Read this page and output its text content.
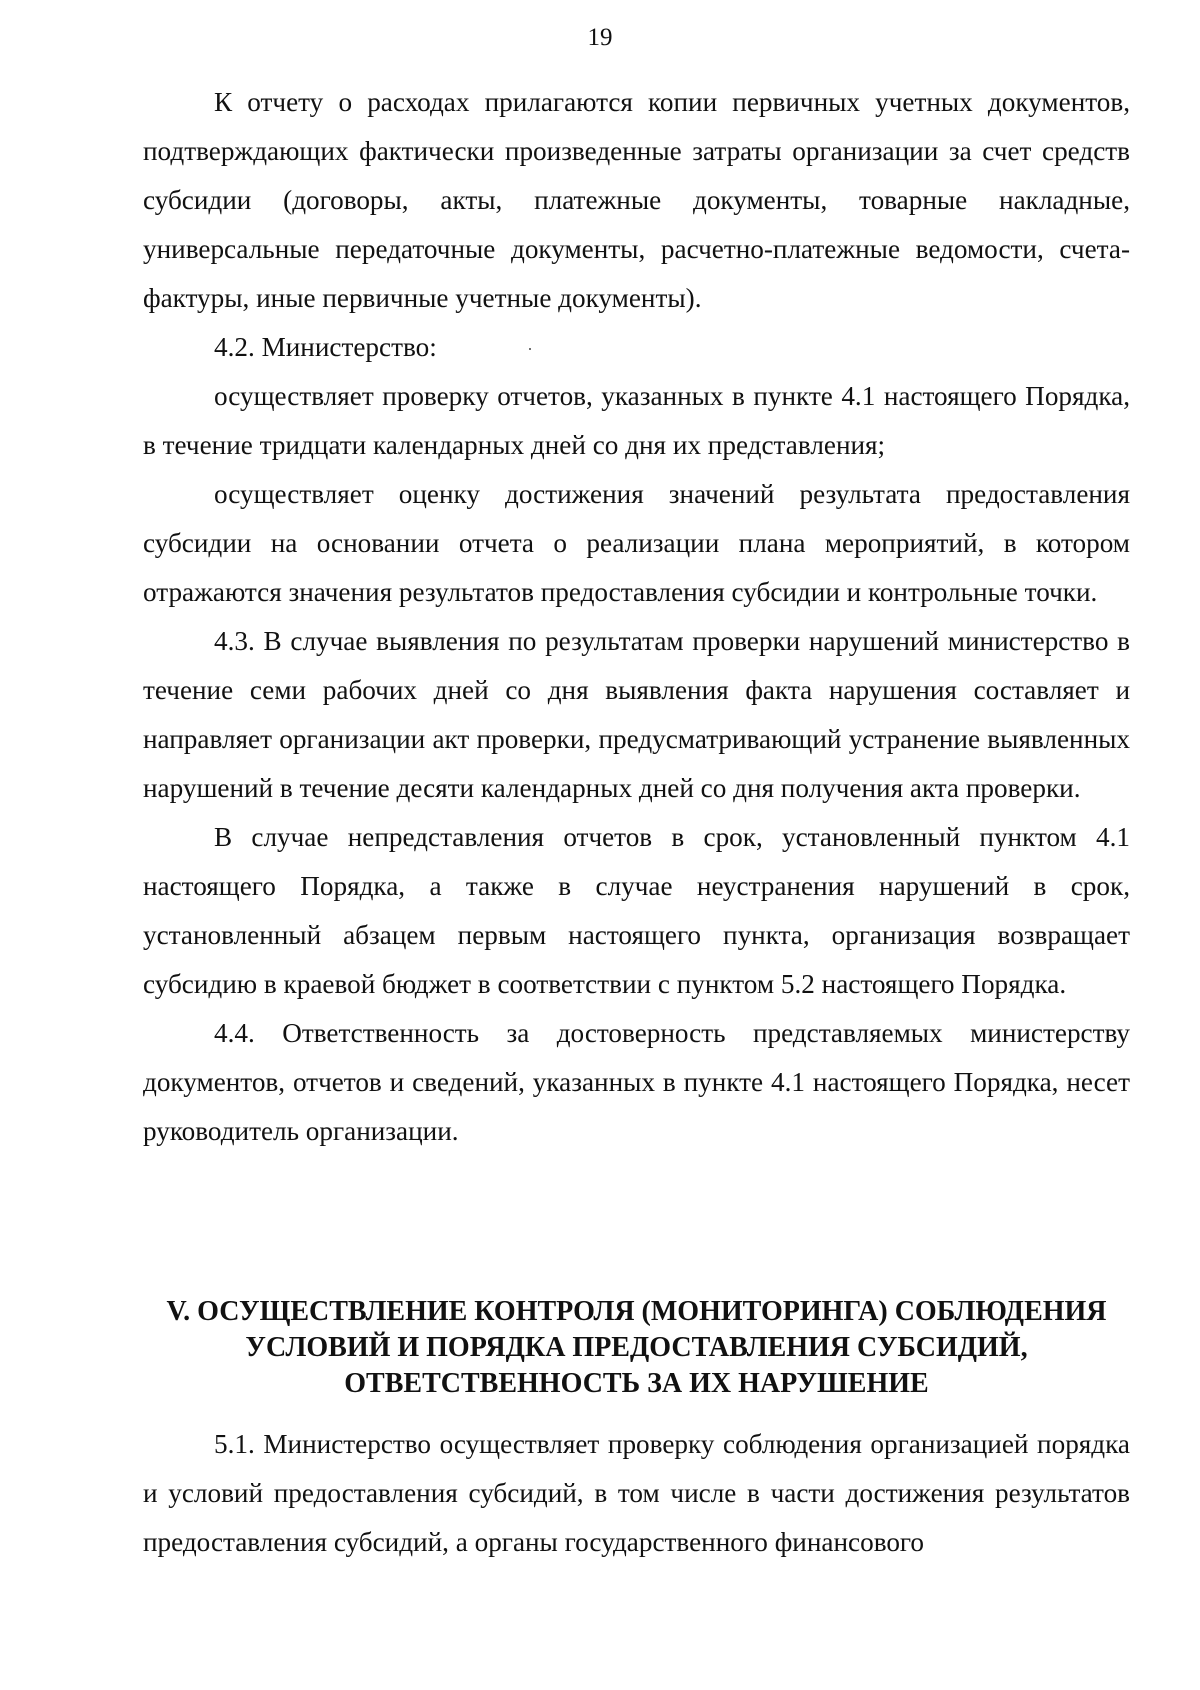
19

К отчету о расходах прилагаются копии первичных учетных документов, подтверждающих фактически произведенные затраты организации за счет средств субсидии (договоры, акты, платежные документы, товарные накладные, универсальные передаточные документы, расчетно-платежные ведомости, счета-фактуры, иные первичные учетные документы).

4.2. Министерство:

осуществляет проверку отчетов, указанных в пункте 4.1 настоящего Порядка, в течение тридцати календарных дней со дня их представления;

осуществляет оценку достижения значений результата предоставления субсидии на основании отчета о реализации плана мероприятий, в котором отражаются значения результатов предоставления субсидии и контрольные точки.

4.3. В случае выявления по результатам проверки нарушений министерство в течение семи рабочих дней со дня выявления факта нарушения составляет и направляет организации акт проверки, предусматривающий устранение выявленных нарушений в течение десяти календарных дней со дня получения акта проверки.

В случае непредставления отчетов в срок, установленный пунктом 4.1 настоящего Порядка, а также в случае неустранения нарушений в срок, установленный абзацем первым настоящего пункта, организация возвращает субсидию в краевой бюджет в соответствии с пунктом 5.2 настоящего Порядка.

4.4. Ответственность за достоверность представляемых министерству документов, отчетов и сведений, указанных в пункте 4.1 настоящего Порядка, несет руководитель организации.

V. ОСУЩЕСТВЛЕНИЕ КОНТРОЛЯ (МОНИТОРИНГА) СОБЛЮДЕНИЯ
УСЛОВИЙ И ПОРЯДКА ПРЕДОСТАВЛЕНИЯ СУБСИДИЙ,
ОТВЕТСТВЕННОСТЬ ЗА ИХ НАРУШЕНИЕ

5.1. Министерство осуществляет проверку соблюдения организацией порядка и условий предоставления субсидий, в том числе в части достижения результатов предоставления субсидий, а органы государственного финансового
